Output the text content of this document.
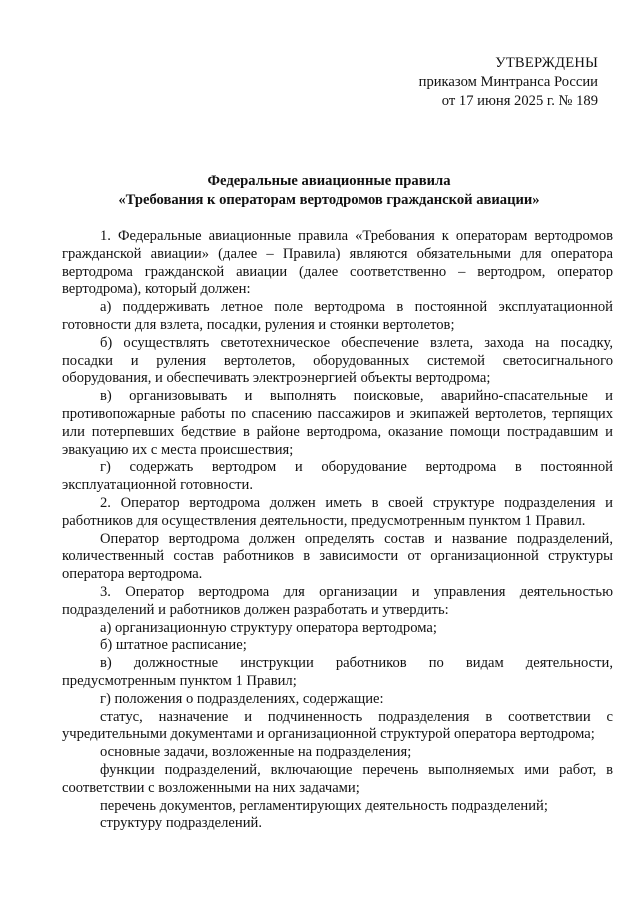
УТВЕРЖДЕНЫ
приказом Минтранса России
от 17 июня 2025 г. № 189
Федеральные авиационные правила
«Требования к операторам вертодромов гражданской авиации»

1. Федеральные авиационные правила «Требования к операторам вертодромов гражданской авиации» (далее – Правила) являются обязательными для оператора вертодрома гражданской авиации (далее соответственно – вертодром, оператор вертодрома), который должен:

а) поддерживать летное поле вертодрома в постоянной эксплуатационной готовности для взлета, посадки, руления и стоянки вертолетов;

б) осуществлять светотехническое обеспечение взлета, захода на посадку, посадки и руления вертолетов, оборудованных системой светосигнального оборудования, и обеспечивать электроэнергией объекты вертодрома;

в) организовывать и выполнять поисковые, аварийно-спасательные и противопожарные работы по спасению пассажиров и экипажей вертолетов, терпящих или потерпевших бедствие в районе вертодрома, оказание помощи пострадавшим и эвакуацию их с места происшествия;

г) содержать вертодром и оборудование вертодрома в постоянной эксплуатационной готовности.

2. Оператор вертодрома должен иметь в своей структуре подразделения и работников для осуществления деятельности, предусмотренным пунктом 1 Правил.

Оператор вертодрома должен определять состав и название подразделений, количественный состав работников в зависимости от организационной структуры оператора вертодрома.

3. Оператор вертодрома для организации и управления деятельностью подразделений и работников должен разработать и утвердить:

а) организационную структуру оператора вертодрома;

б) штатное расписание;

в) должностные инструкции работников по видам деятельности, предусмотренным пунктом 1 Правил;

г) положения о подразделениях, содержащие:

статус, назначение и подчиненность подразделения в соответствии с учредительными документами и организационной структурой оператора вертодрома;

основные задачи, возложенные на подразделения;

функции подразделений, включающие перечень выполняемых ими работ, в соответствии с возложенными на них задачами;

перечень документов, регламентирующих деятельность подразделений;

структуру подразделений.
